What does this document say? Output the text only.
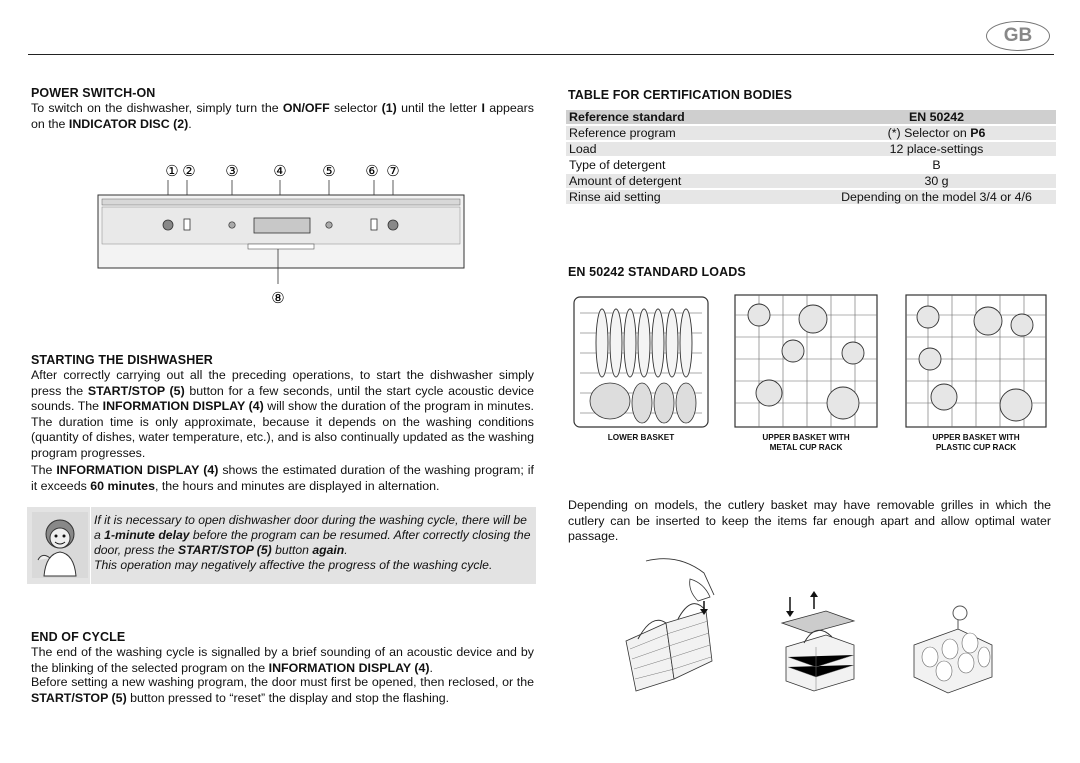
GB
POWER SWITCH-ON
To switch on the dishwasher, simply turn the ON/OFF selector (1) until the letter I appears on the INDICATOR DISC (2).
① ② ③ ④ ⑤ ⑥ ⑦
⑧
STARTING THE DISHWASHER
After correctly carrying out all the preceding operations, to start the dishwasher simply press the START/STOP (5) button for a few seconds, until the start cycle acoustic device sounds. The INFORMATION DISPLAY (4) will show the duration of the program in minutes. The duration time is only approximate, because it depends on the washing conditions (quantity of dishes, water temperature, etc.), and is also continually updated as the washing program progresses.
The INFORMATION DISPLAY (4) shows the estimated duration of the washing program; if it exceeds 60 minutes, the hours and minutes are displayed in alternation.
If it is necessary to open dishwasher door during the washing cycle, there will be a 1-minute delay before the program can be resumed. After correctly closing the door, press the START/STOP (5) button again.
This operation may negatively affective the progress of the washing cycle.
END OF CYCLE
The end of the washing cycle is signalled by a brief sounding of an acoustic device and by the blinking of the selected program on the INFORMATION DISPLAY (4).
Before setting a new washing program, the door must first be opened, then reclosed, or the START/STOP (5) button pressed to “reset” the display and stop the flashing.
TABLE FOR CERTIFICATION BODIES
Reference standard	EN 50242
Reference program	(*) Selector on P6
Load	12 place-settings
Type of detergent	B
Amount of detergent	30 g
Rinse aid setting	Depending on the model 3/4 or 4/6
EN 50242 STANDARD LOADS
LOWER BASKET	UPPER BASKET WITH
METAL CUP RACK
UPPER BASKET WITH
PLASTIC CUP RACK
Depending on models, the cutlery basket may have removable grilles in which the cutlery can be inserted to keep the items far enough apart and allow optimal water passage.
